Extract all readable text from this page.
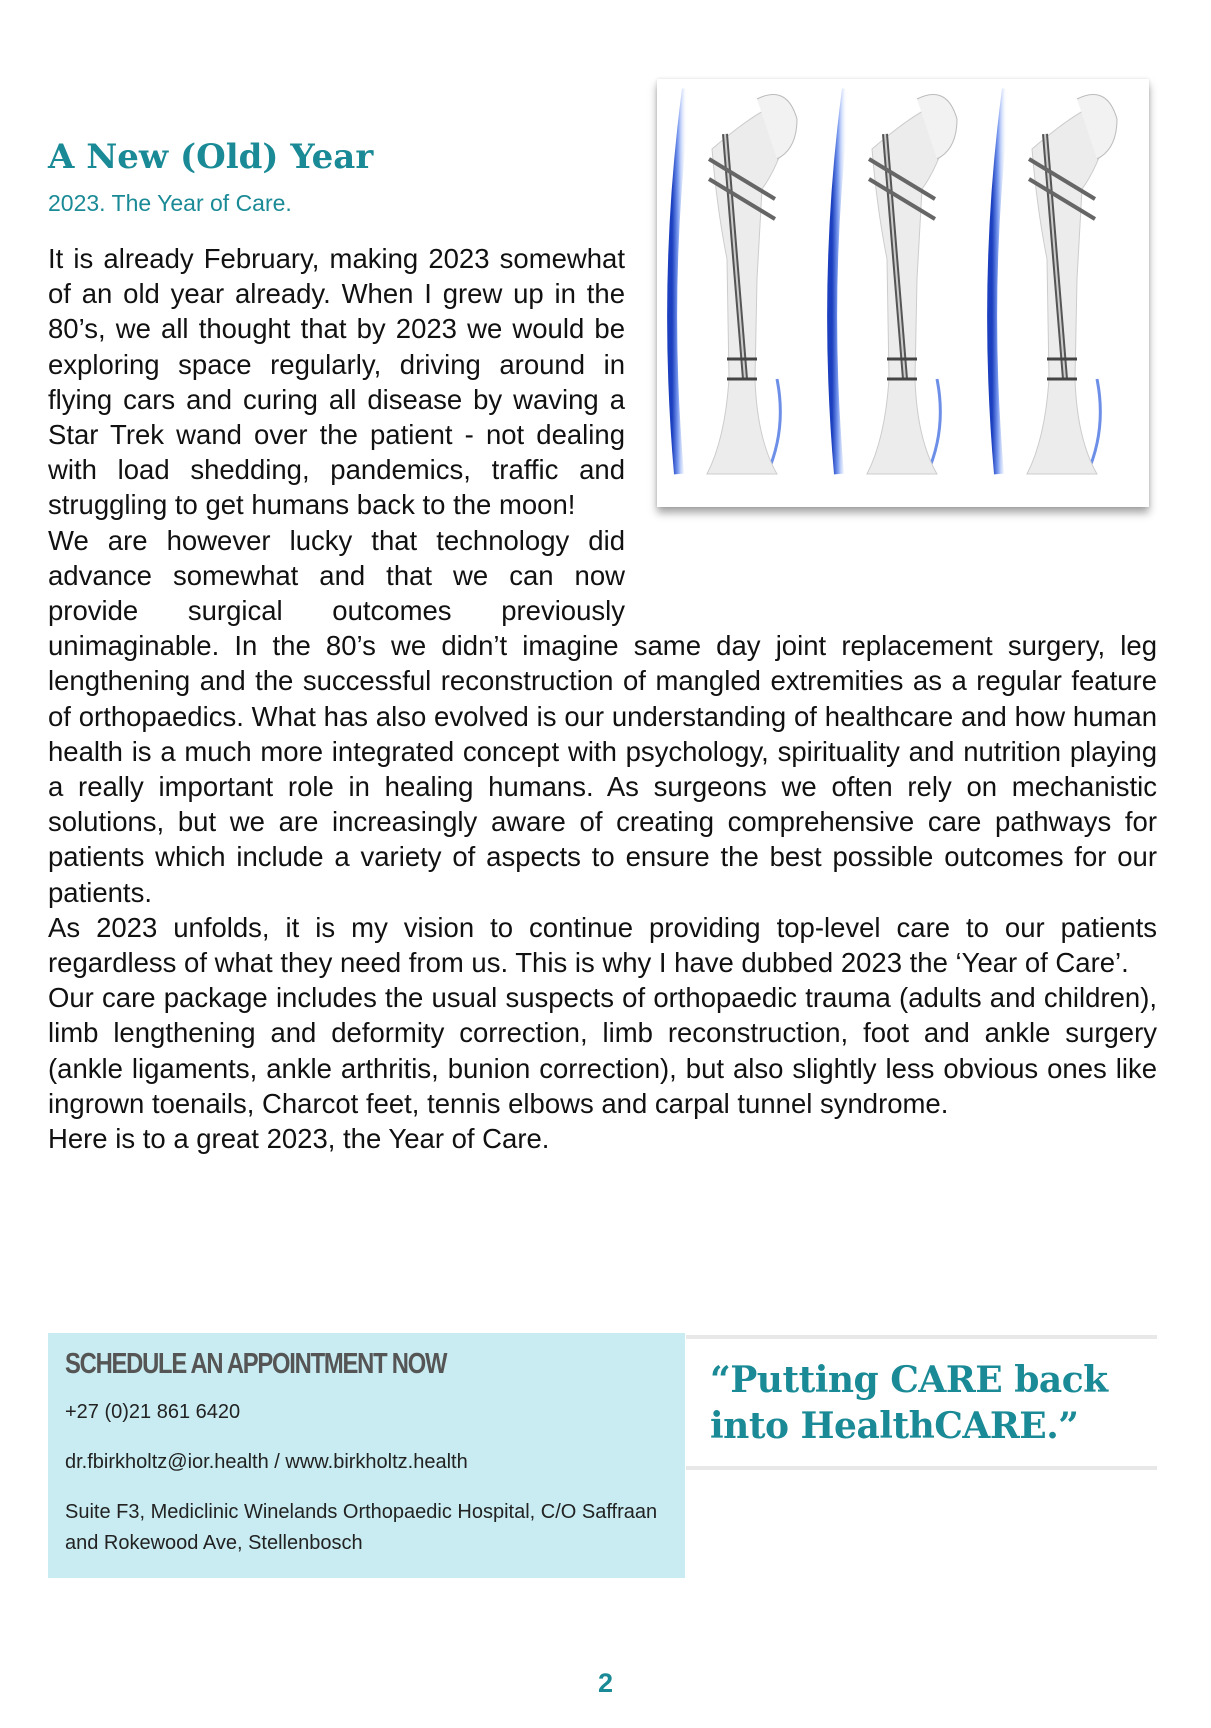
A New (Old) Year
2023. The Year of Care.

It is already February, making 2023 somewhat of an old year already. When I grew up in the 80’s, we all thought that by 2023 we would be exploring space regularly, driving around in flying cars and curing all disease by waving a Star Trek wand over the patient - not dealing with load shedding, pandemics, traffic and struggling to get humans back to the moon!

We are however lucky that technology did advance somewhat and that we can now provide surgical outcomes previously unimaginable. In the 80’s we didn’t imagine same day joint replacement surgery, leg lengthening and the successful reconstruction of mangled extremities as a regular feature of orthopaedics. What has also evolved is our understanding of healthcare and how human health is a much more integrated concept with psychology, spirituality and nutrition playing a really important role in healing humans. As surgeons we often rely on mechanistic solutions, but we are increasingly aware of creating comprehensive care pathways for patients which include a variety of aspects to ensure the best possible outcomes for our patients.

As 2023 unfolds, it is my vision to continue providing top-level care to our patients regardless of what they need from us. This is why I have dubbed 2023 the ‘Year of Care’.

Our care package includes the usual suspects of orthopaedic trauma (adults and children), limb lengthening and deformity correction, limb reconstruction, foot and ankle surgery (ankle ligaments, ankle arthritis, bunion correction), but also slightly less obvious ones like ingrown toenails, Charcot feet, tennis elbows and carpal tunnel syndrome.

Here is to a great 2023, the Year of Care.

SCHEDULE AN APPOINTMENT NOW
+27 (0)21 861 6420
dr.fbirkholtz@ior.health / www.birkholtz.health
Suite F3, Mediclinic Winelands Orthopaedic Hospital, C/O Saffraan and Rokewood Ave, Stellenbosch
“Putting CARE back
into HealthCARE.”
2
